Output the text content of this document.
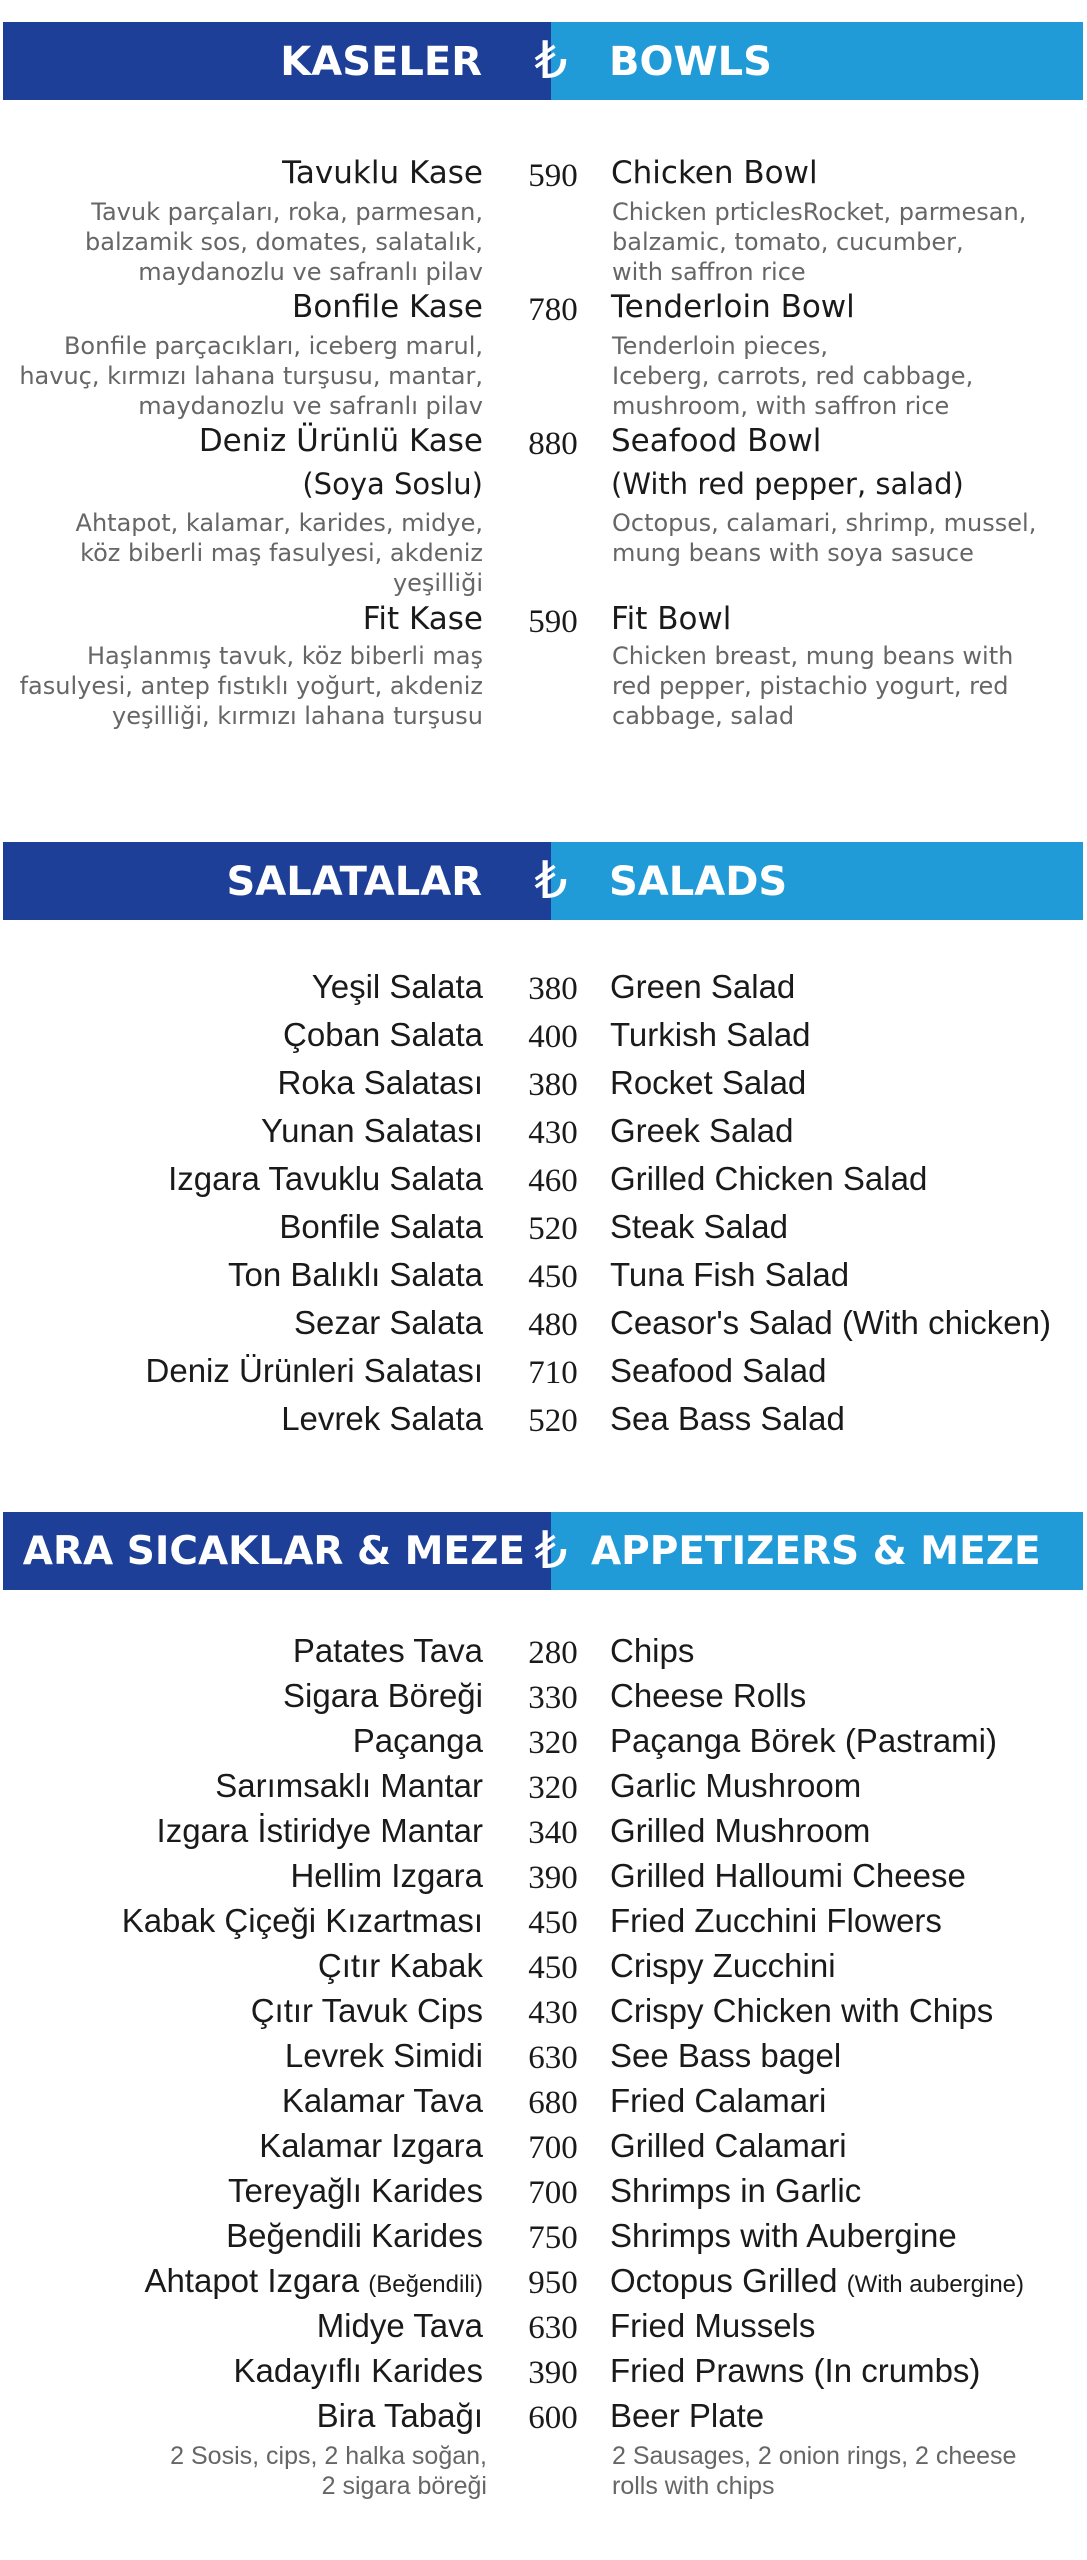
KASELER ₺ BOWLS
Tavuklu Kase 590 Chicken Bowl
Tavuk parçaları, roka, parmesan,
balzamik sos, domates, salatalık,
maydanozlu ve safranlı pilav
Chicken prticlesRocket, parmesan,
balzamic, tomato, cucumber,
with saffron rice
Bonfile Kase 780 Tenderloin Bowl
Bonfile parçacıkları, iceberg marul,
havuç, kırmızı lahana turşusu, mantar,
maydanozlu ve safranlı pilav
Tenderloin pieces,
Iceberg, carrots, red cabbage,
mushroom, with saffron rice
Deniz Ürünlü Kase 880 Seafood Bowl
(Soya Soslu)	(With red pepper, salad)
Ahtapot, kalamar, karides, midye,
köz biberli maş fasulyesi, akdeniz
yeşilliği
Octopus, calamari, shrimp, mussel,
mung beans with soya sasuce
Fit Kase 590 Fit Bowl
Haşlanmış tavuk, köz biberli maş
fasulyesi, antep fıstıklı yoğurt, akdeniz
yeşilliği, kırmızı lahana turşusu
Chicken breast, mung beans with
red pepper, pistachio yogurt, red
cabbage, salad
SALATALAR ₺ SALADS
Yeşil Salata 380 Green Salad
Çoban Salata 400 Turkish Salad
Roka Salatası 380 Rocket Salad
Yunan Salatası 430 Greek Salad
Izgara Tavuklu Salata 460 Grilled Chicken Salad
Bonfile Salata 520 Steak Salad
Ton Balıklı Salata 450 Tuna Fish Salad
Sezar Salata 480 Ceasor's Salad (With chicken)
Deniz Ürünleri Salatası 710 Seafood Salad
Levrek Salata 520 Sea Bass Salad
ARA SICAKLAR & MEZE ₺ APPETIZERS & MEZE
Patates Tava 280 Chips
Sigara Böreği 330 Cheese Rolls
Paçanga 320 Paçanga Börek (Pastrami)
Sarımsaklı Mantar 320 Garlic Mushroom
Izgara İstiridye Mantar 340 Grilled Mushroom
Hellim Izgara 390 Grilled Halloumi Cheese
Kabak Çiçeği Kızartması 450 Fried Zucchini Flowers
Çıtır Kabak 450 Crispy Zucchini
Çıtır Tavuk Cips 430 Crispy Chicken with Chips
Levrek Simidi 630 See Bass bagel
Kalamar Tava 680 Fried Calamari
Kalamar Izgara 700 Grilled Calamari
Tereyağlı Karides 700 Shrimps in Garlic
Beğendili Karides 750 Shrimps with Aubergine
Ahtapot Izgara (Beğendili) 950 Octopus Grilled (With aubergine)
Midye Tava 630 Fried Mussels
Kadayıflı Karides 390 Fried Prawns (In crumbs)
Bira Tabağı 600 Beer Plate
2 Sosis, cips, 2 halka soğan,
2 sigara böreği
2 Sausages, 2 onion rings, 2 cheese
rolls with chips
